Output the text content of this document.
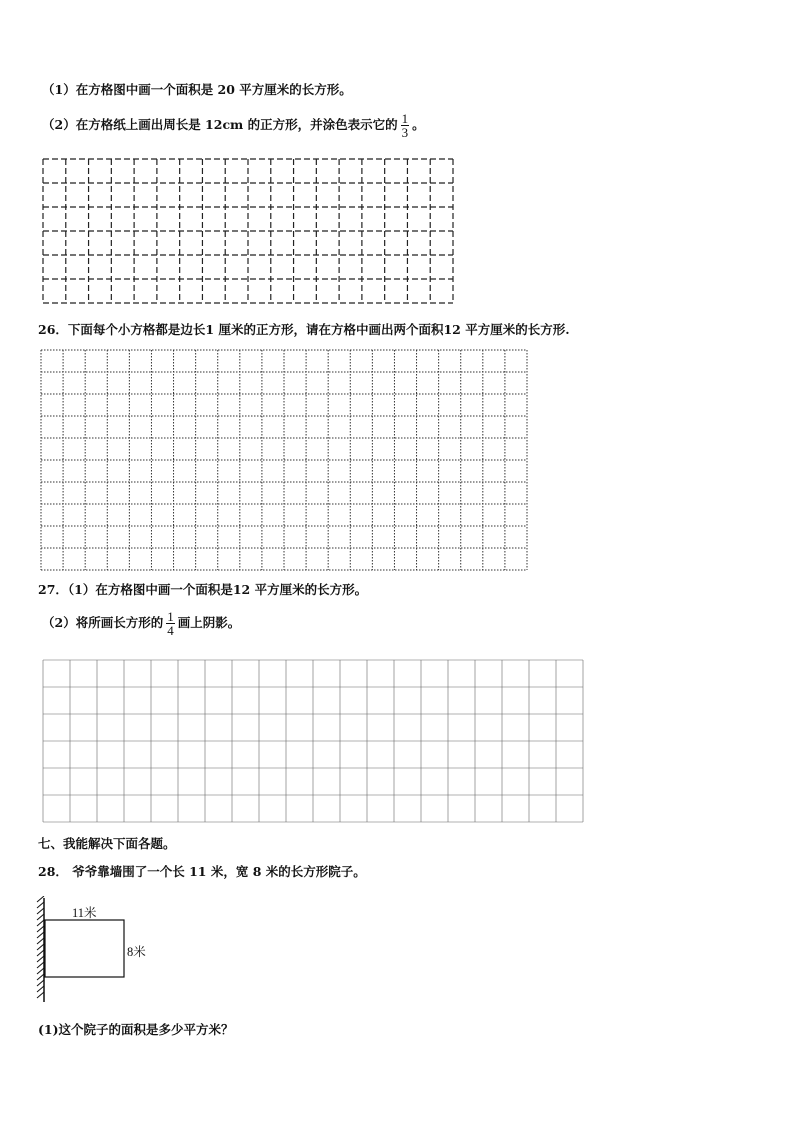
（1）在方格图中画一个面积是 20 平方厘米的长方形。
（2）在方格纸上画出周长是 12cm 的正方形，并涂色表示它的 $\frac{1}{3}$ 。
26．下面每个小方格都是边长1 厘米的正方形，请在方格中画出两个面积12 平方厘米的长方形.
27．（1）在方格图中画一个面积是12 平方厘米的长方形。
（2）将所画长方形的 $\frac{1}{4}$ 画上阴影。
七、我能解决下面各题。
28． 爷爷靠墙围了一个长 11 米，宽 8 米的长方形院子。
11米
8米
(1)这个院子的面积是多少平方米？
